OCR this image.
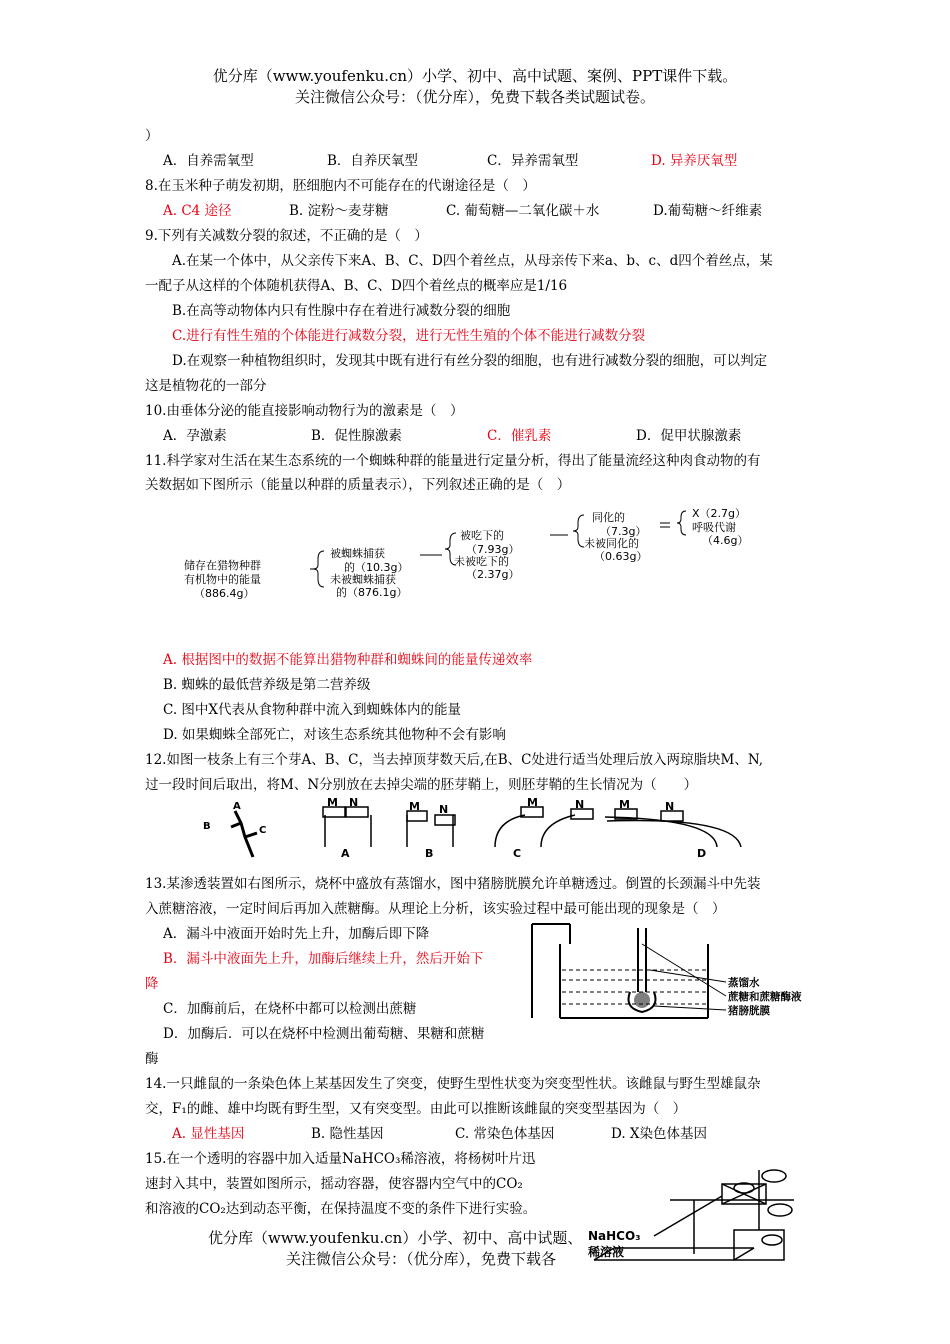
优分库（www.youfenku.cn）小学、初中、高中试题、案例、PPT课件下载。
关注微信公众号：（优分库），免费下载各类试题试卷。
）
A．自养需氧型	B．自养厌氧型	C．异养需氧型	D. 异养厌氧型
8.在玉米种子萌发初期，胚细胞内不可能存在的代谢途径是（　）
A. C4 途径	B. 淀粉～麦芽糖	C. 葡萄糖—二氧化碳＋水	D.葡萄糖～纤维素
9.下列有关减数分裂的叙述，不正确的是（　）
A.在某一个体中，从父亲传下来A、B、C、D四个着丝点，从母亲传下来a、b、c、d四个着丝点，某
一配子从这样的个体随机获得A、B、C、D四个着丝点的概率应是1/16
B.在高等动物体内只有性腺中存在着进行减数分裂的细胞
C.进行有性生殖的个体能进行减数分裂，进行无性生殖的个体不能进行减数分裂
D.在观察一种植物组织时，发现其中既有进行有丝分裂的细胞，也有进行减数分裂的细胞，可以判定
这是植物花的一部分
10.由垂体分泌的能直接影响动物行为的激素是（　）
A．孕激素	B．促性腺激素	C．催乳素	D．促甲状腺激素
11.科学家对生活在某生态系统的一个蜘蛛种群的能量进行定量分析，得出了能量流经这种肉食动物的有
关数据如下图所示（能量以种群的质量表示），下列叙述正确的是（　）
储存在猎物种群
有机物中的能量
（886.4g）
被蜘蛛捕获
的（10.3g）
未被蜘蛛捕获
的（876.1g）
被吃下的
（7.93g）
未被吃下的
（2.37g）
同化的
（7.3g）
未被同化的
（0.63g）
X（2.7g）
呼吸代谢
（4.6g）
A. 根据图中的数据不能算出猎物种群和蜘蛛间的能量传递效率
B. 蜘蛛的最低营养级是第二营养级
C. 图中X代表从食物种群中流入到蜘蛛体内的能量
D. 如果蜘蛛全部死亡，对该生态系统其他物种不会有影响
12.如图一枝条上有三个芽A、B、C，当去掉顶芽数天后,在B、C处进行适当处理后放入两琼脂块M、N,
过一段时间后取出，将M、N分别放在去掉尖端的胚芽鞘上，则胚芽鞘的生长情况为（　　）
A
B	C
M N	M N
M	N	M	N
A	B	C	D
13.某渗透装置如右图所示，烧杯中盛放有蒸馏水，图中猪膀胱膜允许单糖透过。倒置的长颈漏斗中先装
入蔗糖溶液，一定时间后再加入蔗糖酶。从理论上分析，该实验过程中最可能出现的现象是（　）
A．漏斗中液面开始时先上升，加酶后即下降
B．漏斗中液面先上升，加酶后继续上升，然后开始下
降
C．加酶前后，在烧杯中都可以检测出蔗糖
D．加酶后．可以在烧杯中检测出葡萄糖、果糖和蔗糖
酶
蒸馏水
蔗糖和蔗糖酶液
猪膀胱膜
14.一只雌鼠的一条染色体上某基因发生了突变，使野生型性状变为突变型性状。该雌鼠与野生型雄鼠杂
交，F₁的雌、雄中均既有野生型，又有突变型。由此可以推断该雌鼠的突变型基因为（　）
A. 显性基因	B. 隐性基因	C. 常染色体基因	D. X染色体基因
15.在一个透明的容器中加入适量NaHCO₃稀溶液，将杨树叶片迅
速封入其中，装置如图所示，摇动容器，使容器内空气中的CO₂
和溶液的CO₂达到动态平衡，在保持温度不变的条件下进行实验。
NaHCO₃
稀溶液
优分库（www.youfenku.cn）小学、初中、高中试题、
关注微信公众号：（优分库），免费下载各
